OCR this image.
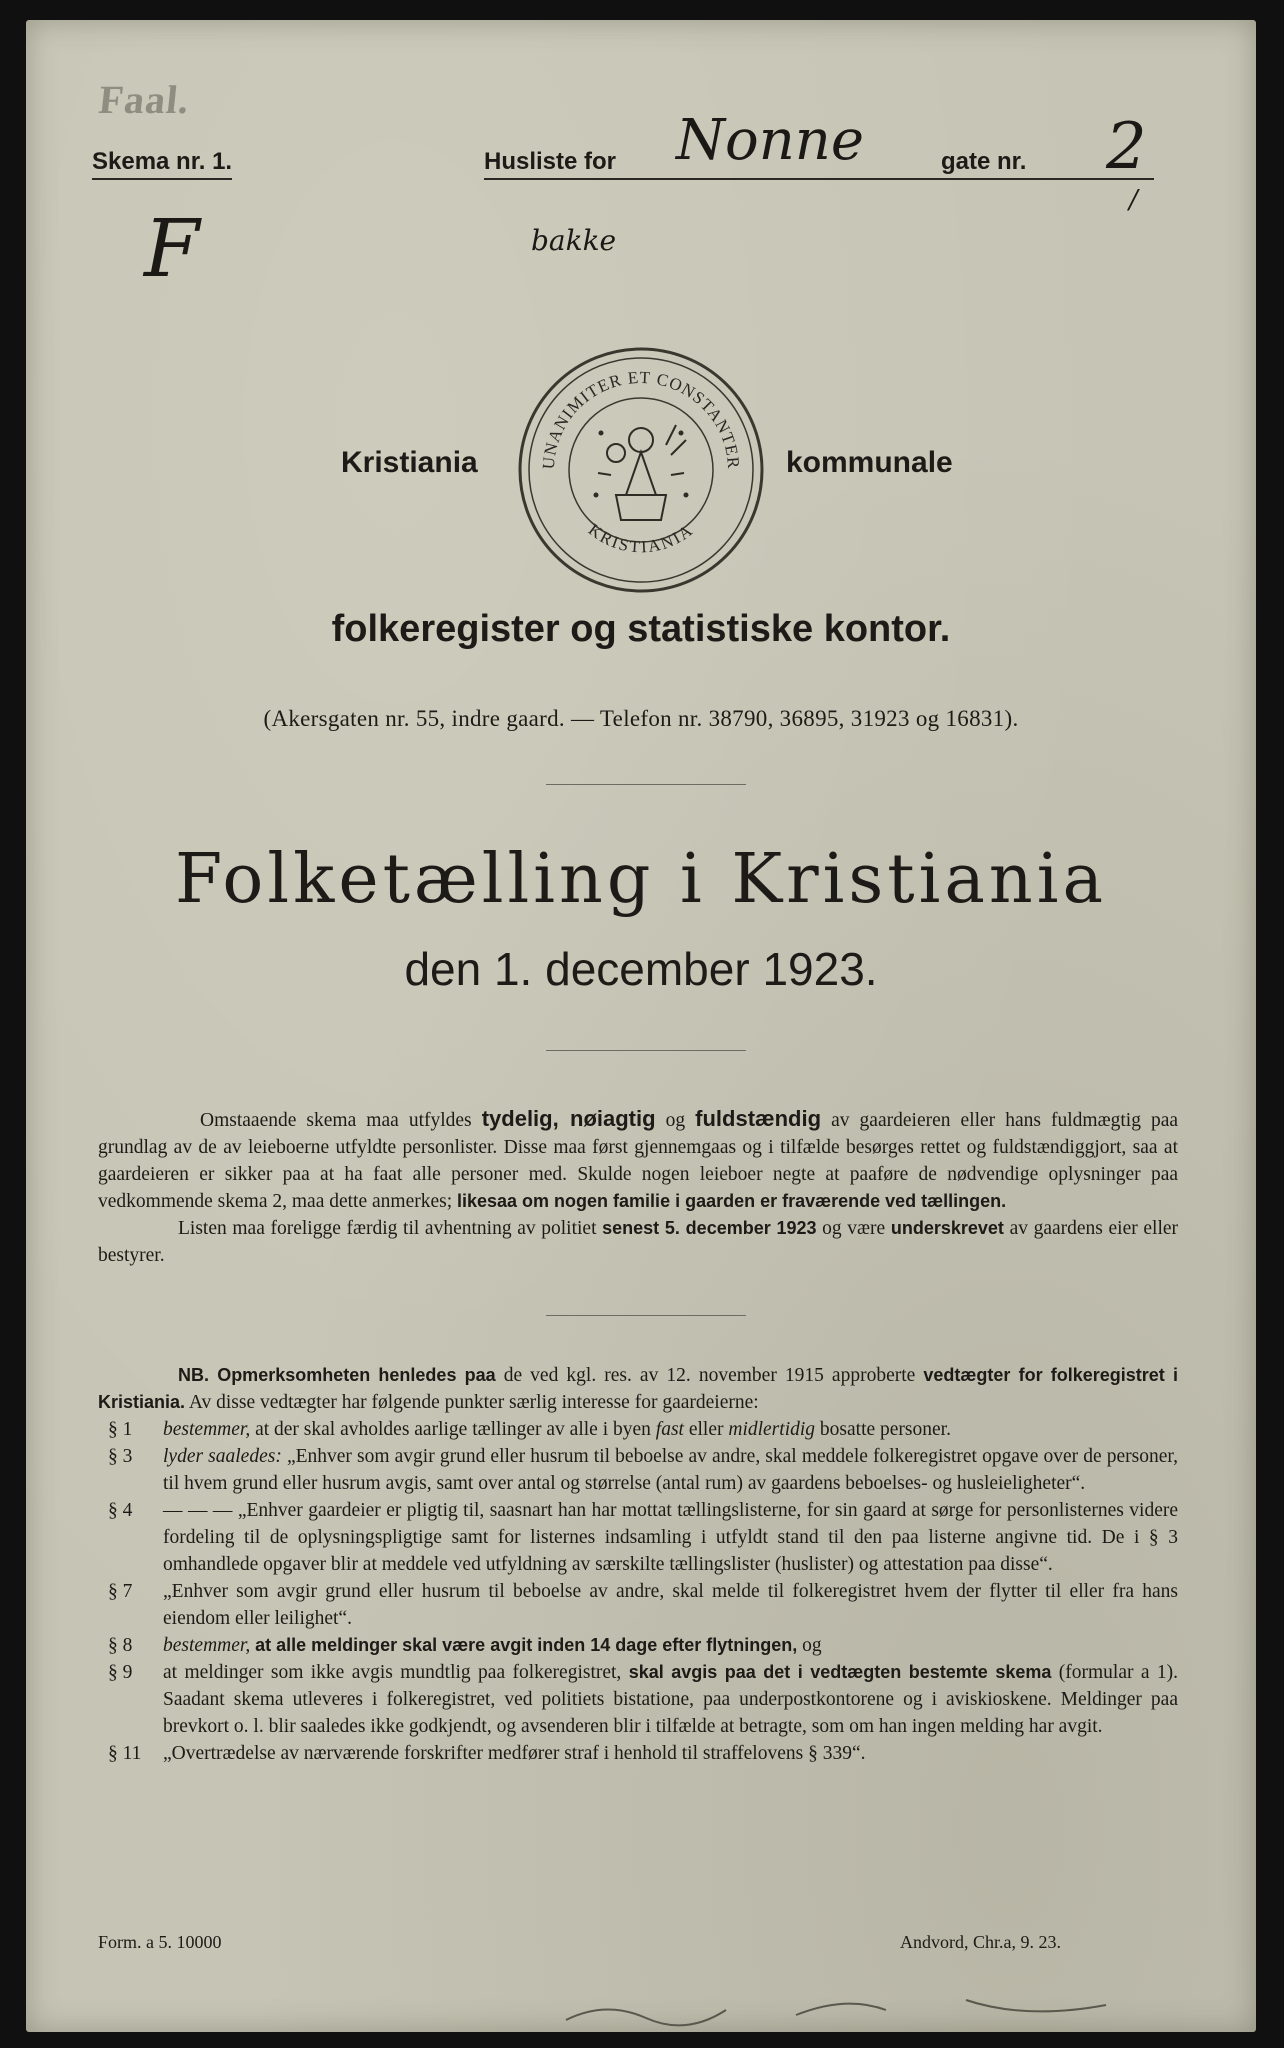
Faal.
Skema nr. 1.	Husliste for	gate nr.
Nonne	2
/
F	bakke
Kristiania	kommunale
UNANIMITER ET CONSTANTER
KRISTIANIA
folkeregister og statistiske kontor.
(Akersgaten nr. 55, indre gaard. — Telefon nr. 38790, 36895, 31923 og 16831).
Folketælling i Kristiania
den 1. december 1923.
Omstaaende skema maa utfyldes tydelig, nøiagtig og fuldstændig av gaardeieren eller hans fuldmægtig paa grundlag av de av leieboerne utfyldte personlister. Disse maa først gjennemgaas og i tilfælde besørges rettet og fuldstændiggjort, saa at gaardeieren er sikker paa at ha faat alle personer med. Skulde nogen leieboer negte at paaføre de nødvendige oplysninger paa vedkommende skema 2, maa dette anmerkes; likesaa om nogen familie i gaarden er fraværende ved tællingen.
Listen maa foreligge færdig til avhentning av politiet senest 5. december 1923 og være underskrevet av gaardens eier eller bestyrer.
NB. Opmerksomheten henledes paa de ved kgl. res. av 12. november 1915 approberte vedtægter for folkeregistret i Kristiania. Av disse vedtægter har følgende punkter særlig interesse for gaardeierne:
§ 1	bestemmer, at der skal avholdes aarlige tællinger av alle i byen fast eller midlertidig bosatte personer.
§ 3	lyder saaledes: „Enhver som avgir grund eller husrum til beboelse av andre, skal meddele folkeregistret opgave over de personer, til hvem grund eller husrum avgis, samt over antal og størrelse (antal rum) av gaardens beboelses- og husleieligheter“.
§ 4	— — — „Enhver gaardeier er pligtig til, saasnart han har mottat tællingslisterne, for sin gaard at sørge for personlisternes videre fordeling til de oplysningspligtige samt for listernes indsamling i utfyldt stand til den paa listerne angivne tid. De i § 3 omhandlede opgaver blir at meddele ved utfyldning av særskilte tællingslister (huslister) og attestation paa disse“.
§ 7	„Enhver som avgir grund eller husrum til beboelse av andre, skal melde til folkeregistret hvem der flytter til eller fra hans eiendom eller leilighet“.
§ 8	bestemmer, at alle meldinger skal være avgit inden 14 dage efter flytningen, og
§ 9	at meldinger som ikke avgis mundtlig paa folkeregistret, skal avgis paa det i vedtægten bestemte skema (formular a 1). Saadant skema utleveres i folkeregistret, ved politiets bistatione, paa underpostkontorene og i aviskioskene. Meldinger paa brevkort o. l. blir saaledes ikke godkjendt, og avsenderen blir i tilfælde at betragte, som om han ingen melding har avgit.
§ 11	„Overtrædelse av nærværende forskrifter medfører straf i henhold til straffelovens § 339“.
Form. a 5. 10000	Andvord, Chr.a, 9. 23.
